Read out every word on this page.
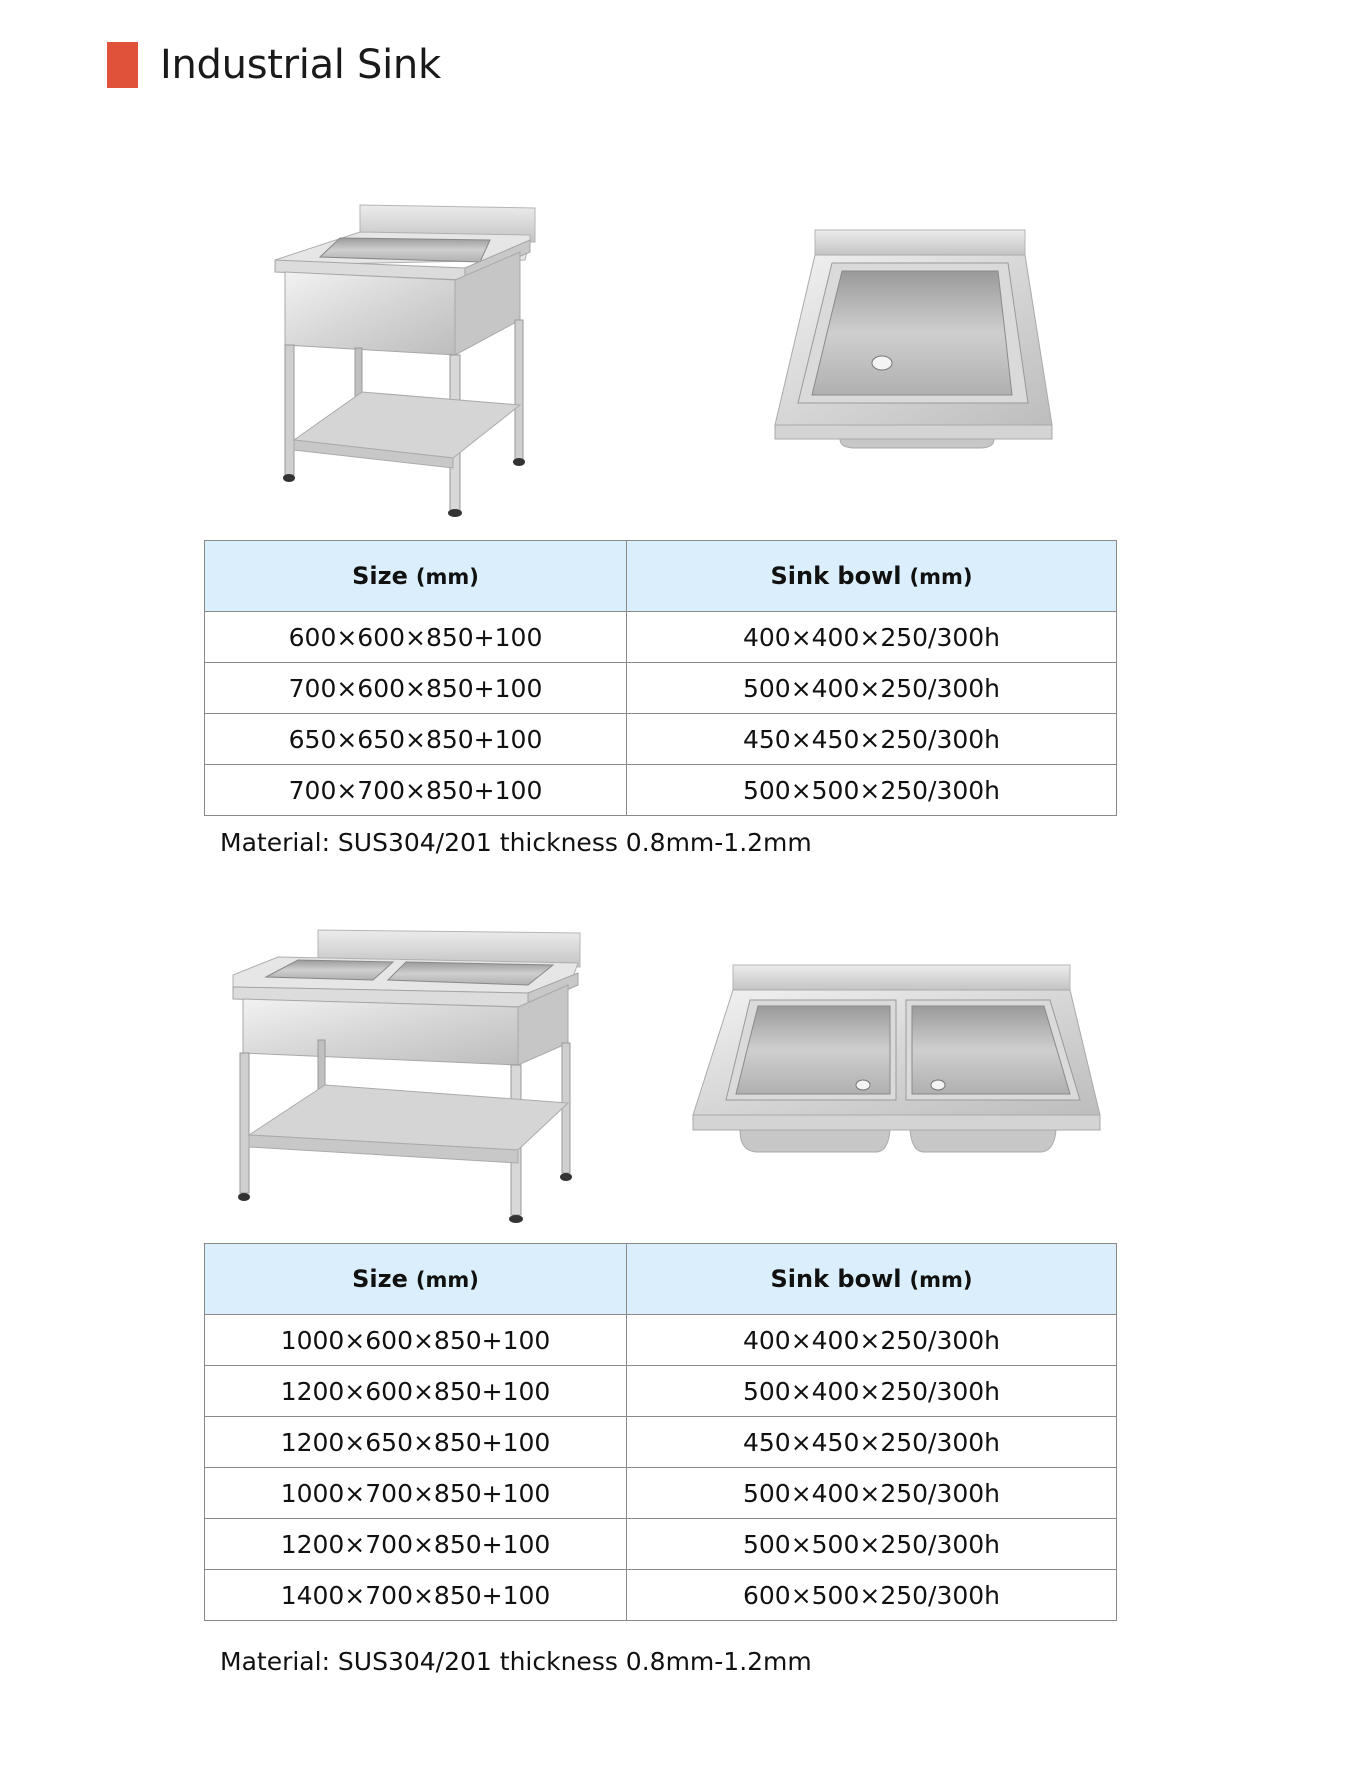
Industrial Sink
Size (mm)	Sink bowl (mm)
600×600×850+100	400×400×250/300h
700×600×850+100	500×400×250/300h
650×650×850+100	450×450×250/300h
700×700×850+100	500×500×250/300h
Material: SUS304/201 thickness 0.8mm-1.2mm
Size (mm)	Sink bowl (mm)
1000×600×850+100	400×400×250/300h
1200×600×850+100	500×400×250/300h
1200×650×850+100	450×450×250/300h
1000×700×850+100	500×400×250/300h
1200×700×850+100	500×500×250/300h
1400×700×850+100	600×500×250/300h
Material: SUS304/201 thickness 0.8mm-1.2mm
